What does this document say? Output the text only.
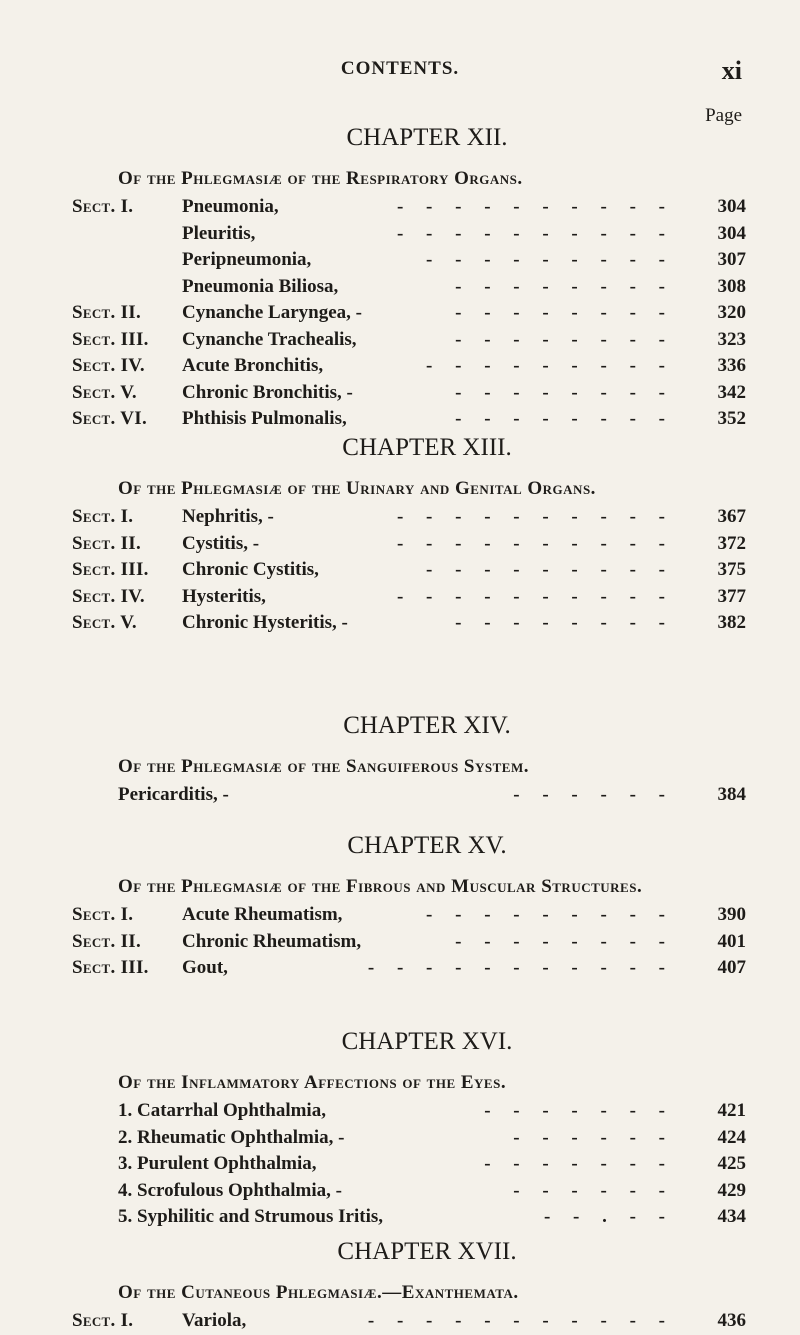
CONTENTS.	xi
Page
CHAPTER XII.
Of the Phlegmasiæ of the Respiratory Organs.
Sect. I.	Pneumonia,	- - - - - - - - - -	304
Pleuritis,	- - - - - - - - - -	304
Peripneumonia,	- - - - - - - - -	307
Pneumonia Biliosa,	- - - - - - - -	308
Sect. II. Cynanche Laryngea, -	- - - - - - - -	320
Sect. III. Cynanche Trachealis,	- - - - - - - -	323
Sect. IV. Acute Bronchitis,	- - - - - - - - -	336
Sect. V. Chronic Bronchitis, -	- - - - - - - -	342
Sect. VI. Phthisis Pulmonalis,	- - - - - - - -	352
CHAPTER XIII.
Of the Phlegmasiæ of the Urinary and Genital Organs.
Sect. I.	Nephritis, -	- - - - - - - - - -	367
Sect. II. Cystitis, -	- - - - - - - - - -	372
Sect. III. Chronic Cystitis,	- - - - - - - - -	375
Sect. IV. Hysteritis,	- - - - - - - - - -	377
Sect. V. Chronic Hysteritis, -	- - - - - - - -	382
CHAPTER XIV.
Of the Phlegmasiæ of the Sanguiferous System.
Pericarditis, -	- - - - - -	384
CHAPTER XV.
Of the Phlegmasiæ of the Fibrous and Muscular Structures.
Sect. I.	Acute Rheumatism,	- - - - - - - - -	390
Sect. II. Chronic Rheumatism,	- - - - - - - -	401
Sect. III. Gout,	- - - - - - - - - - -	407
CHAPTER XVI.
Of the Inflammatory Affections of the Eyes.
1. Catarrhal Ophthalmia,	- - - - - - -	421
2. Rheumatic Ophthalmia, -	- - - - - -	424
3. Purulent Ophthalmia,	- - - - - - -	425
4. Scrofulous Ophthalmia, -	- - - - - -	429
5. Syphilitic and Strumous Iritis,	- - . - -	434
CHAPTER XVII.
Of the Cutaneous Phlegmasiæ.—Exanthemata.
Sect. I.	Variola,	- - - - - - - - - - -	436
